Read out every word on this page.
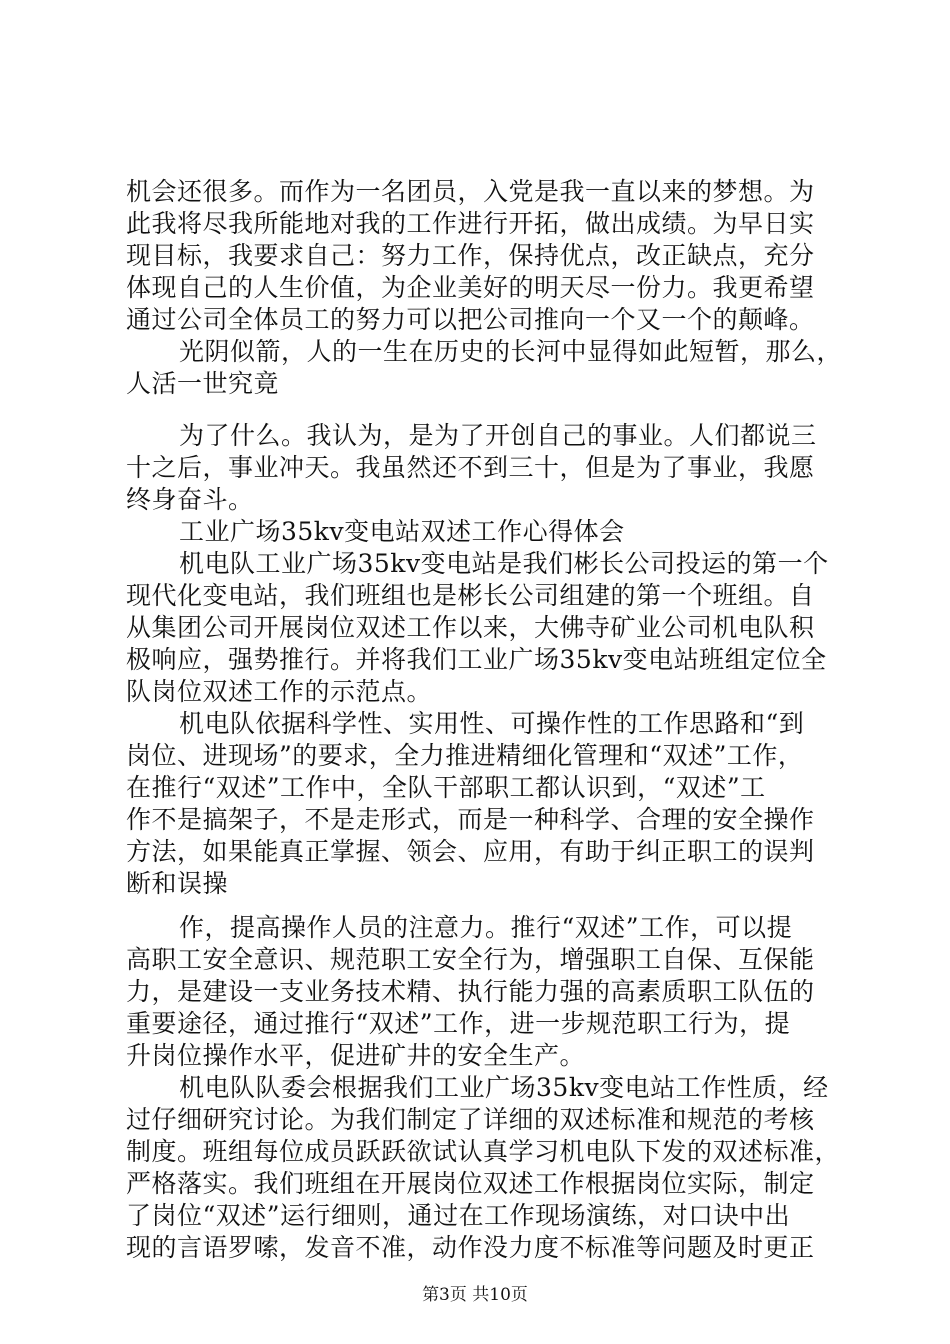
机会还很多。而作为一名团员，入党是我一直以来的梦想。为
此我将尽我所能地对我的工作进行开拓，做出成绩。为早日实
现目标，我要求自己：努力工作，保持优点，改正缺点，充分
体现自己的人生价值，为企业美好的明天尽一份力。我更希望
通过公司全体员工的努力可以把公司推向一个又一个的颠峰。
光阴似箭，人的一生在历史的长河中显得如此短暂，那么，
人活一世究竟
为了什么。我认为，是为了开创自己的事业。人们都说三
十之后，事业冲天。我虽然还不到三十，但是为了事业，我愿
终身奋斗。
工业广场35kv变电站双述工作心得体会
机电队工业广场35kv变电站是我们彬长公司投运的第一个
现代化变电站，我们班组也是彬长公司组建的第一个班组。自
从集团公司开展岗位双述工作以来，大佛寺矿业公司机电队积
极响应，强势推行。并将我们工业广场35kv变电站班组定位全
队岗位双述工作的示范点。
机电队依据科学性、实用性、可操作性的工作思路和“到
岗位、进现场”的要求，全力推进精细化管理和“双述”工作，
在推行“双述”工作中，全队干部职工都认识到，“双述”工
作不是搞架子，不是走形式，而是一种科学、合理的安全操作
方法，如果能真正掌握、领会、应用，有助于纠正职工的误判
断和误操
作，提高操作人员的注意力。推行“双述”工作，可以提
高职工安全意识、规范职工安全行为，增强职工自保、互保能
力，是建设一支业务技术精、执行能力强的高素质职工队伍的
重要途径，通过推行“双述”工作，进一步规范职工行为，提
升岗位操作水平，促进矿井的安全生产。
机电队队委会根据我们工业广场35kv变电站工作性质，经
过仔细研究讨论。为我们制定了详细的双述标准和规范的考核
制度。班组每位成员跃跃欲试认真学习机电队下发的双述标准，
严格落实。我们班组在开展岗位双述工作根据岗位实际，制定
了岗位“双述”运行细则，通过在工作现场演练，对口诀中出
现的言语罗嗦，发音不准，动作没力度不标准等问题及时更正
第3页 共10页
